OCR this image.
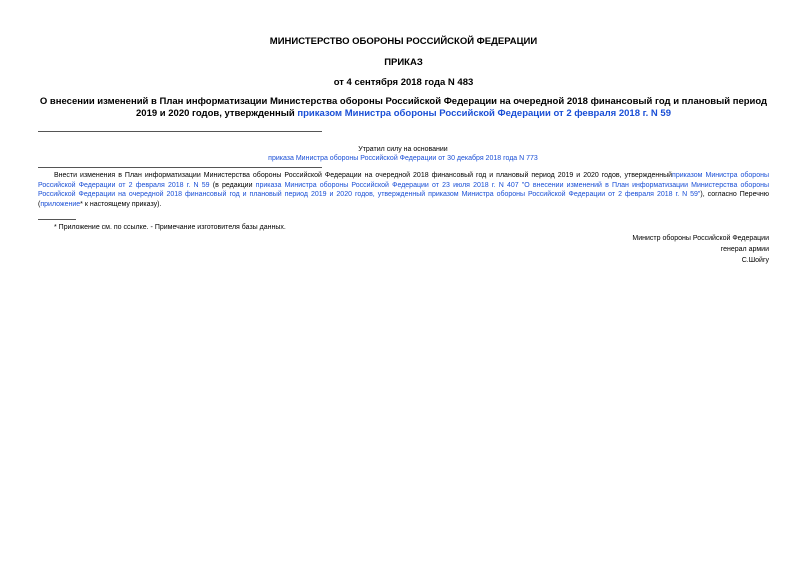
МИНИСТЕРСТВО ОБОРОНЫ РОССИЙСКОЙ ФЕДЕРАЦИИ
ПРИКАЗ
от 4 сентября 2018 года N 483
О внесении изменений в План информатизации Министерства обороны Российской Федерации на очередной 2018 финансовый год и плановый период 2019 и 2020 годов, утвержденный приказом Министра обороны Российской Федерации от 2 февраля 2018 г. N 59
Утратил силу на основании
приказа Министра обороны Российской Федерации от 30 декабря 2018 года N 773
Внести изменения в План информатизации Министерства обороны Российской Федерации на очередной 2018 финансовый год и плановый период 2019 и 2020 годов, утвержденныйприказом Министра обороны Российской Федерации от 2 февраля 2018 г. N 59 (в редакции приказа Министра обороны Российской Федерации от 23 июля 2018 г. N 407 "О внесении изменений в План информатизации Министерства обороны Российской Федерации на очередной 2018 финансовый год и плановый период 2019 и 2020 годов, утвержденный приказом Министра обороны Российской Федерации от 2 февраля 2018 г. N 59"), согласно Перечню (приложение* к настоящему приказу).
* Приложение см. по ссылке. - Примечание изготовителя базы данных.
Министр обороны Российской Федерации
генерал армии
С.Шойгу
